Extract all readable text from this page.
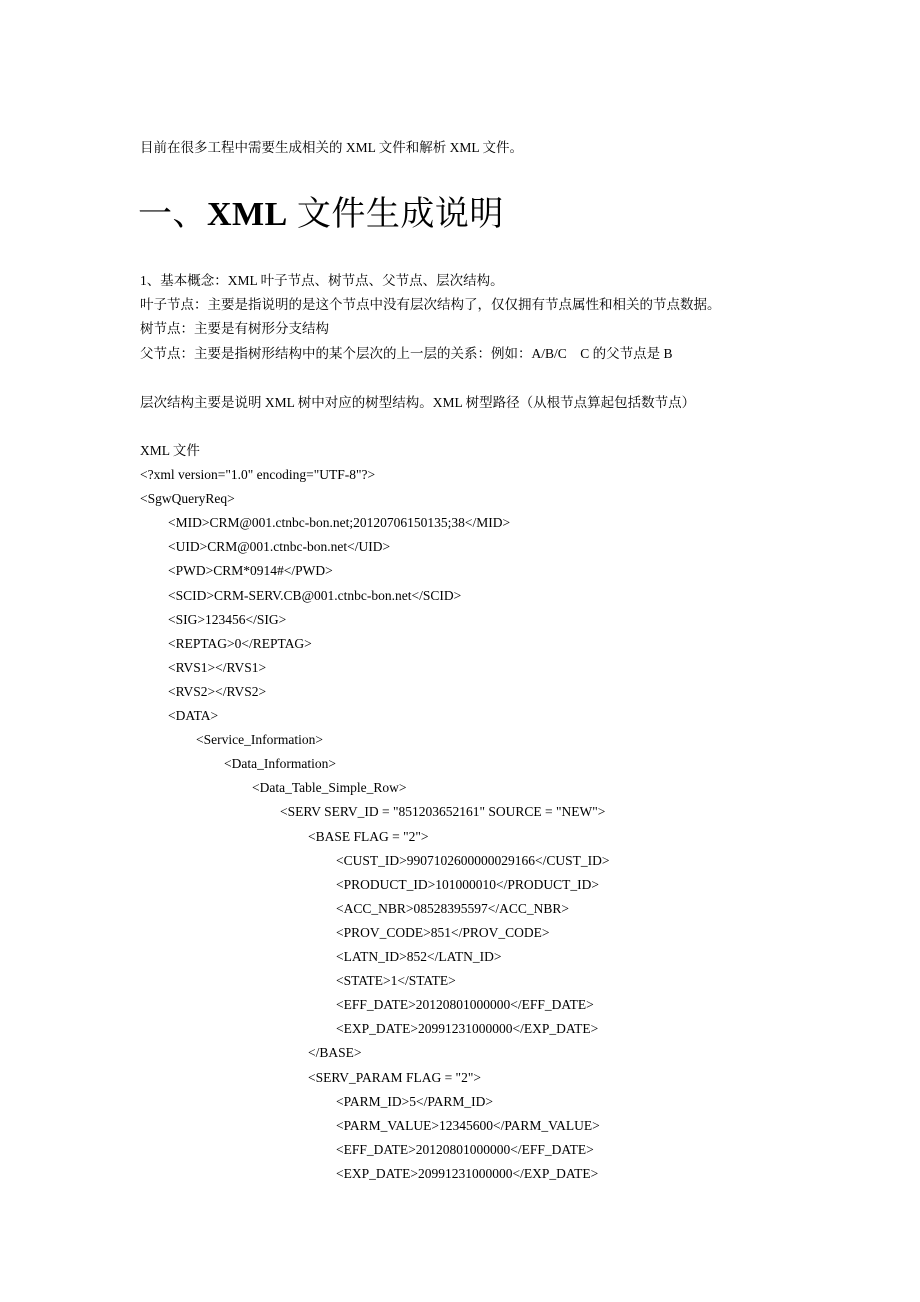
目前在很多工程中需要生成相关的 XML 文件和解析 XML 文件。
一、XML 文件生成说明
1、基本概念：XML 叶子节点、树节点、父节点、层次结构。
叶子节点：主要是指说明的是这个节点中没有层次结构了，仅仅拥有节点属性和相关的节点数据。
树节点：主要是有树形分支结构
父节点：主要是指树形结构中的某个层次的上一层的关系：例如：A/B/C    C 的父节点是 B
层次结构主要是说明 XML 树中对应的树型结构。XML 树型路径（从根节点算起包括数节点）
XML 文件
<?xml version="1.0" encoding="UTF-8"?>
<SgwQueryReq>
<MID>CRM@001.ctnbc-bon.net;20120706150135;38</MID>
<UID>CRM@001.ctnbc-bon.net</UID>
<PWD>CRM*0914#</PWD>
<SCID>CRM-SERV.CB@001.ctnbc-bon.net</SCID>
<SIG>123456</SIG>
<REPTAG>0</REPTAG>
<RVS1></RVS1>
<RVS2></RVS2>
<DATA>
<Service_Information>
<Data_Information>
<Data_Table_Simple_Row>
<SERV SERV_ID = "851203652161" SOURCE = "NEW">
<BASE FLAG = "2">
<CUST_ID>9907102600000029166</CUST_ID>
<PRODUCT_ID>101000010</PRODUCT_ID>
<ACC_NBR>08528395597</ACC_NBR>
<PROV_CODE>851</PROV_CODE>
<LATN_ID>852</LATN_ID>
<STATE>1</STATE>
<EFF_DATE>20120801000000</EFF_DATE>
<EXP_DATE>20991231000000</EXP_DATE>
</BASE>
<SERV_PARAM FLAG = "2">
<PARM_ID>5</PARM_ID>
<PARM_VALUE>12345600</PARM_VALUE>
<EFF_DATE>20120801000000</EFF_DATE>
<EXP_DATE>20991231000000</EXP_DATE>
